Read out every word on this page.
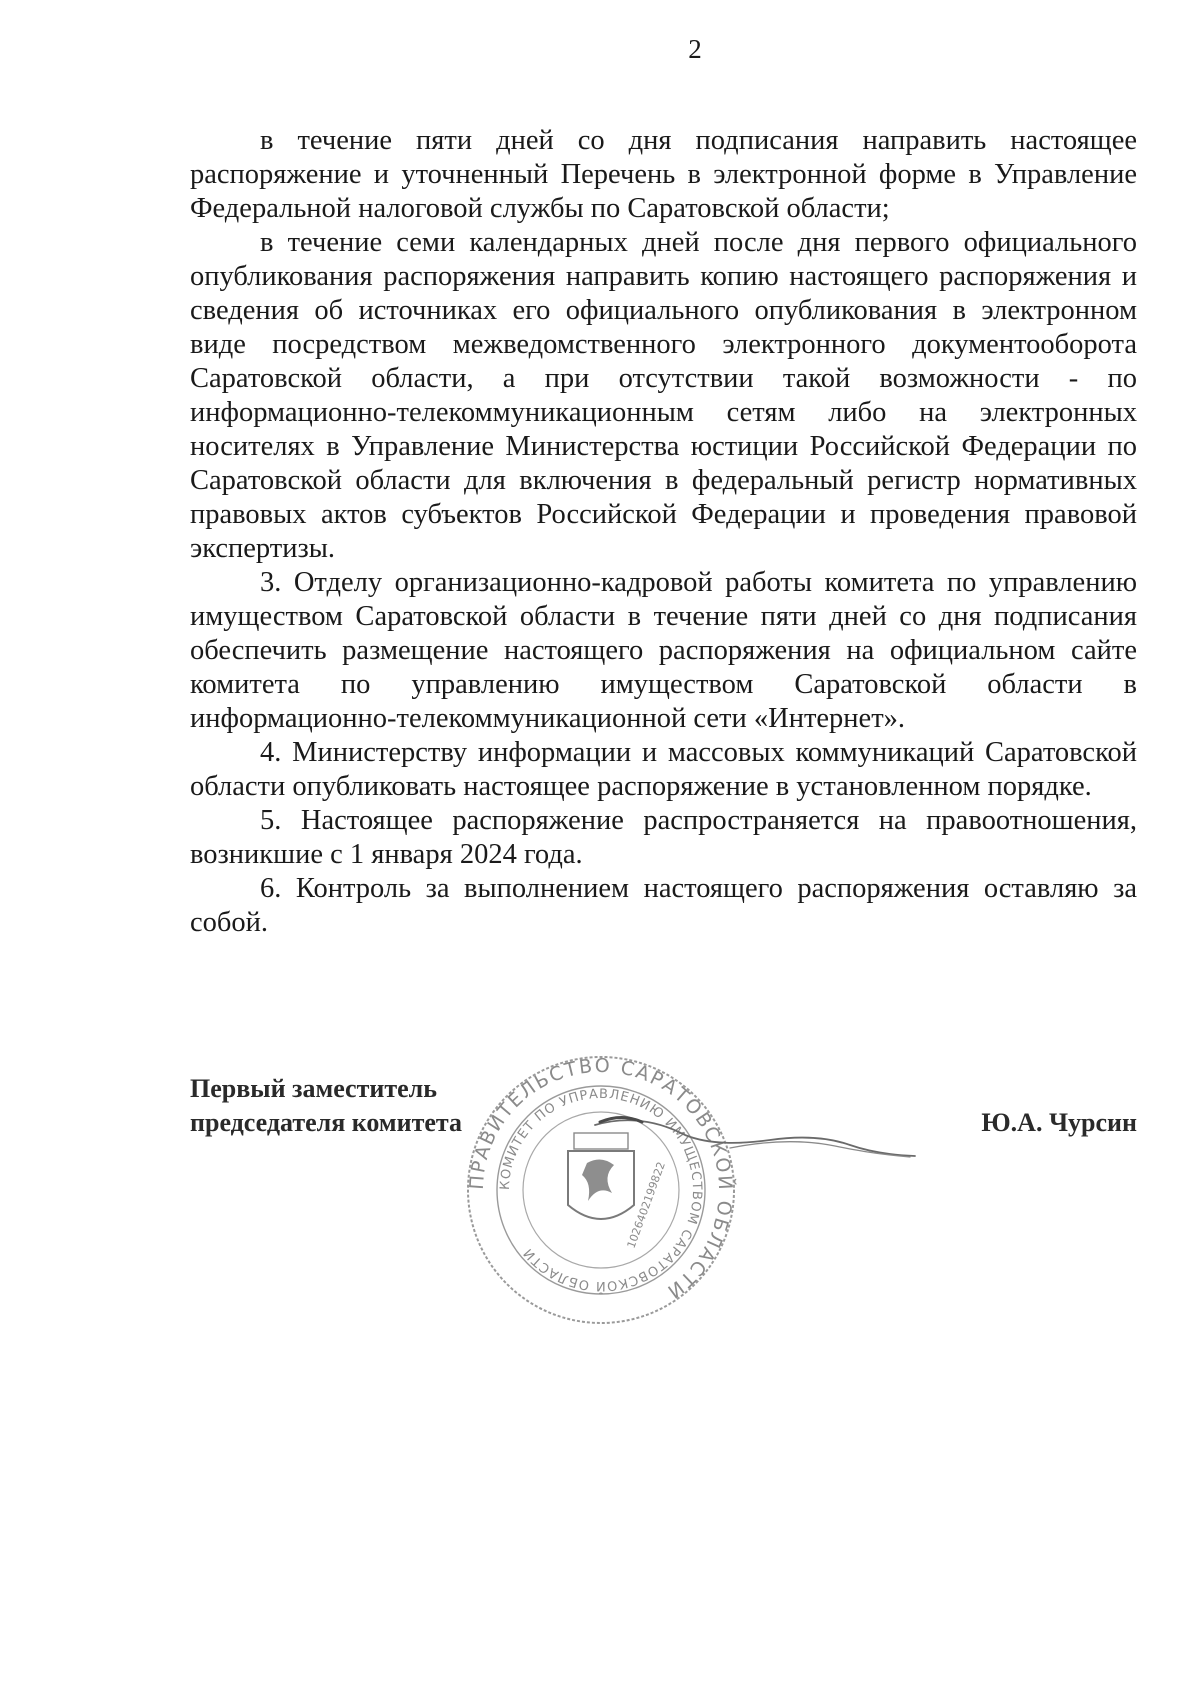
2

в течение пяти дней со дня подписания направить настоящее распоряжение и уточненный Перечень в электронной форме в Управление Федеральной налоговой службы по Саратовской области;

в течение семи календарных дней после дня первого официального опубликования распоряжения направить копию настоящего распоряжения и сведения об источниках его официального опубликования в электронном виде посредством межведомственного электронного документооборота Саратовской области, а при отсутствии такой возможности - по информационно-телекоммуникационным сетям либо на электронных носителях в Управление Министерства юстиции Российской Федерации по Саратовской области для включения в федеральный регистр нормативных правовых актов субъектов Российской Федерации и проведения правовой экспертизы.

3. Отделу организационно-кадровой работы комитета по управлению имуществом Саратовской области в течение пяти дней со дня подписания обеспечить размещение настоящего распоряжения на официальном сайте комитета по управлению имуществом Саратовской области в информационно-телекоммуникационной сети «Интернет».

4. Министерству информации и массовых коммуникаций Саратовской области опубликовать настоящее распоряжение в установленном порядке.

5. Настоящее распоряжение распространяется на правоотношения, возникшие с 1 января 2024 года.

6. Контроль за выполнением настоящего распоряжения оставляю за собой.

Первый заместитель
председателя комитета	Ю.А. Чурсин
ПРАВИТЕЛЬСТВО САРАТОВСКОЙ ОБЛАСТИ
КОМИТЕТ ПО УПРАВЛЕНИЮ ИМУЩЕСТВОМ САРАТОВСКОЙ ОБЛАСТИ
1026402199822
